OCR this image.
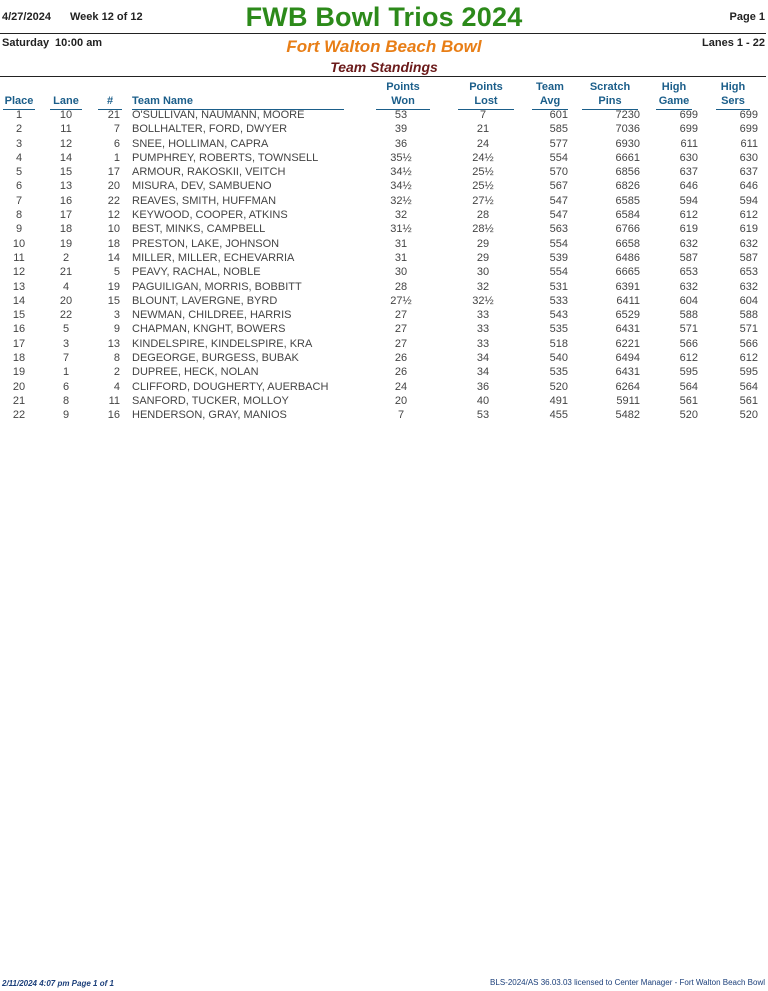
4/27/2024 Week 12 of 12	FWB Bowl Trios 2024	Page 1
Saturday 10:00 am	Fort Walton Beach Bowl	Lanes 1 - 22
Team Standings
Place Lane	#	Team Name
Points

Won
Points

Lost
Team

Avg
Scratch

Pins
High

Game
High

Sers
1	10	21 O'SULLIVAN, NAUMANN, MOORE	53	7	601	7230	699	699
2	11	7 BOLLHALTER, FORD, DWYER	39	21	585	7036	699	699
3	12	6 SNEE, HOLLIMAN, CAPRA	36	24	577	6930	611	611
4	14	1 PUMPHREY, ROBERTS, TOWNSELL	35½	24½	554	6661	630	630
5	15	17 ARMOUR, RAKOSKII, VEITCH	34½	25½	570	6856	637	637
6	13	20 MISURA, DEV, SAMBUENO	34½	25½	567	6826	646	646
7	16	22 REAVES, SMITH, HUFFMAN	32½	27½	547	6585	594	594
8	17	12 KEYWOOD, COOPER, ATKINS	32	28	547	6584	612	612
9	18	10 BEST, MINKS, CAMPBELL	31½	28½	563	6766	619	619
10	19	18 PRESTON, LAKE, JOHNSON	31	29	554	6658	632	632
11	2	14 MILLER, MILLER, ECHEVARRIA	31	29	539	6486	587	587
12	21	5 PEAVY, RACHAL, NOBLE	30	30	554	6665	653	653
13	4	19 PAGUILIGAN, MORRIS, BOBBITT	28	32	531	6391	632	632
14	20	15 BLOUNT, LAVERGNE, BYRD	27½	32½	533	6411	604	604
15	22	3 NEWMAN, CHILDREE, HARRIS	27	33	543	6529	588	588
16	5	9 CHAPMAN, KNGHT, BOWERS	27	33	535	6431	571	571
17	3	13 KINDELSPIRE, KINDELSPIRE, KRA	27	33	518	6221	566	566
18	7	8 DEGEORGE, BURGESS, BUBAK	26	34	540	6494	612	612
19	1	2 DUPREE, HECK, NOLAN	26	34	535	6431	595	595
20	6	4 CLIFFORD, DOUGHERTY, AUERBACH	24	36	520	6264	564	564
21	8	11 SANFORD, TUCKER, MOLLOY	20	40	491	5911	561	561
22	9	16 HENDERSON, GRAY, MANIOS	7	53	455	5482	520	520
2/11/2024 4:07 pm Page 1 of 1	BLS-2024/AS 36.03.03 licensed to Center Manager - Fort Walton Beach Bowl
